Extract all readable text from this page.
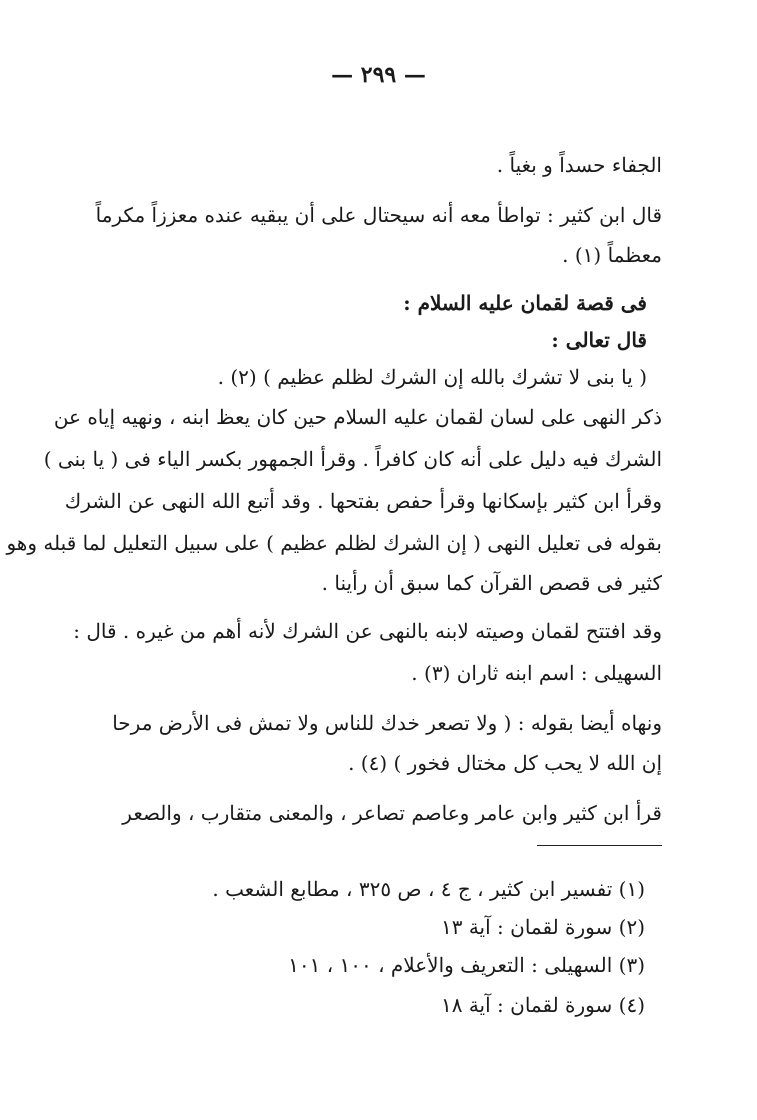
— ٢٩٩ —
الجفاء حسداً و بغياً .
قال ابن كثير : تواطأ معه أنه سيحتال على أن يبقيه عنده معززاً مكرماً
معظماً (١) .
فى قصة لقمان عليه السلام :
قال تعالى :
( يا بنى لا تشرك بالله إن الشرك لظلم عظيم ) (٢) .
ذكر النهى على لسان لقمان عليه السلام حين كان يعظ ابنه ، ونهيه إياه عن
الشرك فيه دليل على أنه كان كافراً . وقرأ الجمهور بكسر الياء فى ( يا بنى )
وقرأ ابن كثير بإسكانها وقرأ حفص بفتحها . وقد أتبع الله النهى عن الشرك
بقوله فى تعليل النهى ( إن الشرك لظلم عظيم ) على سبيل التعليل لما قبله وهو
كثير فى قصص القرآن كما سبق أن رأينا .
وقد افتتح لقمان وصيته لابنه بالنهى عن الشرك لأنه أهم من غيره . قال :
السهيلى : اسم ابنه ثاران (٣) .
ونهاه أيضا بقوله : ( ولا تصعر خدك للناس ولا تمش فى الأرض مرحا
إن الله لا يحب كل مختال فخور ) (٤) .
قرأ ابن كثير وابن عامر وعاصم تصاعر ، والمعنى متقارب ، والصعر
(١) تفسير ابن كثير ، ج ٤ ، ص ٣٢٥ ، مطابع الشعب .
(٢) سورة لقمان : آية ١٣
(٣) السهيلى : التعريف والأعلام ، ١٠٠ ، ١٠١
(٤) سورة لقمان : آية ١٨
